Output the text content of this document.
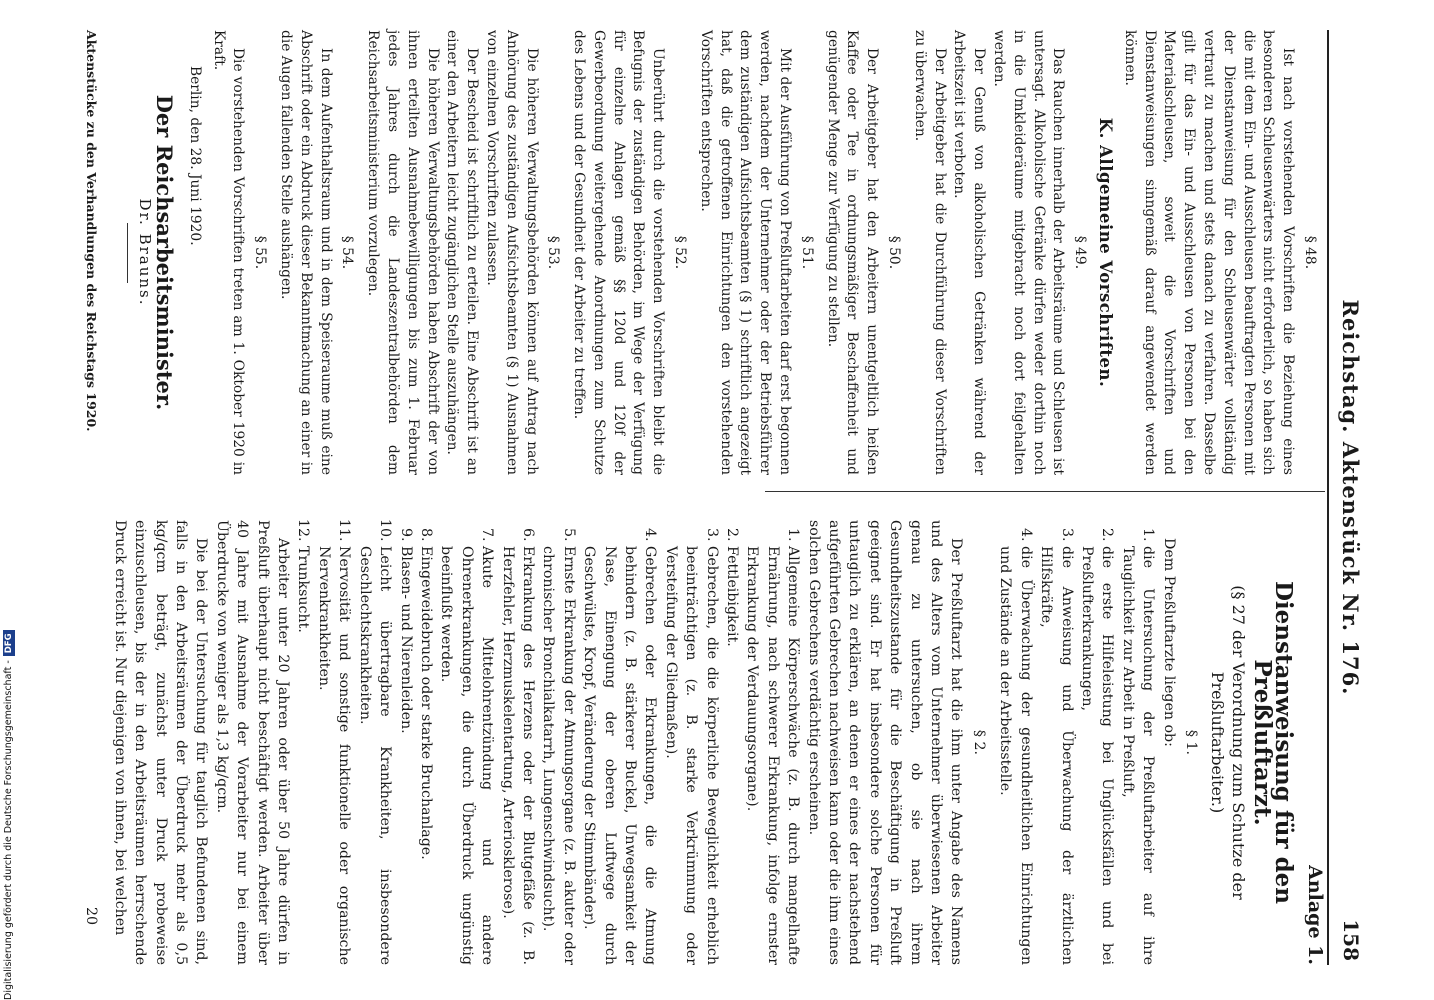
Digitalisierung gefördert durch die Deutsche Forschungsgemeinschaft -DFG	Reichstag. Aktenstück Nr. 176.
158
§ 48.

Ist nach vorstehenden Vorschriften die Beziehung eines besonderen Schleusenwärters nicht erforderlich, so haben sich die mit dem Ein- und Ausschleusen beauftragten Personen mit der Dienstanweisung für den Schleusenwärter vollständig vertraut zu machen und stets danach zu verfahren. Dasselbe gilt für das Ein- und Ausschleusen von Personen bei den Materialschleusen, soweit die Vorschriften und Dienstanweisungen sinngemäß darauf angewendet werden können.

K. Allgemeine Vorschriften.
§ 49.

Das Rauchen innerhalb der Arbeitsräume und Schleusen ist untersagt. Alkoholische Getränke dürfen weder dorthin noch in die Umkleideräume mitgebracht noch dort feilgehalten werden.

Der Genuß von alkoholischen Getränken während der Arbeitszeit ist verboten.

Der Arbeitgeber hat die Durchführung dieser Vorschriften zu überwachen.

§ 50.

Der Arbeitgeber hat den Arbeitern unentgeltlich heißen Kaffee oder Tee in ordnungsmäßiger Beschaffenheit und genügender Menge zur Verfügung zu stellen.

§ 51.

Mit der Ausführung von Preßluftarbeiten darf erst begonnen werden, nachdem der Unternehmer oder der Betriebsführer dem zuständigen Aufsichtsbeamten (§ 1) schriftlich angezeigt hat, daß die getroffenen Einrichtungen den vorstehenden Vorschriften entsprechen.

§ 52.

Unberührt durch die vorstehenden Vorschriften bleibt die Befugnis der zuständigen Behörden, im Wege der Verfügung für einzelne Anlagen gemäß §§ 120d und 120f der Gewerbeordnung weitergehende Anordnungen zum Schutze des Lebens und der Gesundheit der Arbeiter zu treffen.

§ 53.

Die höheren Verwaltungsbehörden können auf Antrag nach Anhörung des zuständigen Aufsichtsbeamten (§ 1) Ausnahmen von einzelnen Vorschriften zulassen.

Der Bescheid ist schriftlich zu erteilen. Eine Abschrift ist an einer den Arbeitern leicht zugänglichen Stelle auszuhängen.

Die höheren Verwaltungsbehörden haben Abschrift der von ihnen erteilten Ausnahmebewilligungen bis zum 1. Februar jedes Jahres durch die Landeszentralbehörden dem Reichsarbeitsministerium vorzulegen.

§ 54.

In dem Aufenthaltsraum und in dem Speiseraume muß eine Abschrift oder ein Abdruck dieser Bekanntmachung an einer in die Augen fallenden Stelle aushängen.

§ 55.

Die vorstehenden Vorschriften treten am 1. Oktober 1920 in Kraft.

Berlin, den 28. Juni 1920.

Der Reichsarbeitsminister.
Dr. Brauns.

Aktenstücke zu den Verhandlungen des Reichstags 1920.

Anlage 1.
Dienstanweisung für den Preßluftarzt.
(§ 27 der Verordnung zum Schutze der Preßluftarbeiter.)
§ 1.

Dem Preßluftarzte liegen ob:

1. die Untersuchung der Preßluftarbeiter auf ihre Tauglichkeit zur Arbeit in Preßluft,
2. die erste Hilfeleistung bei Unglücksfällen und bei Preßlufterkrankungen,
3. die Anweisung und Überwachung der ärztlichen Hilfskräfte,
4. die Überwachung der gesundheitlichen Einrichtungen und Zustände an der Arbeitsstelle.
§ 2.

Der Preßluftarzt hat die ihm unter Angabe des Namens und des Alters vom Unternehmer überwiesenen Arbeiter genau zu untersuchen, ob sie nach ihrem Gesundheitszustande für die Beschäftigung in Preßluft geeignet sind. Er hat insbesondere solche Personen für untauglich zu erklären, an denen er eines der nachstehend aufgeführten Gebrechen nachweisen kann oder die ihm eines solchen Gebrechens verdächtig erscheinen.

1. Allgemeine Körperschwäche (z. B. durch mangelhafte Ernährung, nach schwerer Erkrankung, infolge ernster Erkrankung der Verdauungsorgane).
2. Fettleibigkeit.
3. Gebrechen, die die körperliche Beweglichkeit erheblich beeinträchtigen (z. B. starke Verkrümmung oder Versteifung der Gliedmaßen).
4. Gebrechen oder Erkrankungen, die die Atmung behindern (z. B. stärkerer Buckel, Unwegsamkeit der Nase, Einengung der oberen Luftwege durch Geschwülste, Kropf, Veränderung der Stimmbänder).
5. Ernste Erkrankung der Atmungsorgane (z. B. akuter oder chronischer Bronchialkatarrh, Lungenschwindsucht).
6. Erkrankung des Herzens oder der Blutgefäße (z. B. Herzfehler, Herzmuskelentartung, Arteriosklerose).
7. Akute Mittelohrentzündung und andere Ohrenerkrankungen, die durch Überdruck ungünstig beeinflußt werden.
8. Eingeweidebruch oder starke Bruchanlage.
9. Blasen- und Nierenleiden.
10. Leicht übertragbare Krankheiten, insbesondere Geschlechtskrankheiten.
11. Nervosität und sonstige funktionelle oder organische Nervenkrankheiten.
12. Trunksucht.

Arbeiter unter 20 Jahren oder über 50 Jahre dürfen in Preßluft überhaupt nicht beschäftigt werden. Arbeiter über 40 Jahre mit Ausnahme der Vorarbeiter nur bei einem Überdrucke von weniger als 1,3 kg/qcm.

Die bei der Untersuchung für tauglich Befundenen sind, falls in den Arbeitsräumen der Überdruck mehr als 0,5 kg/qcm beträgt, zunächst unter Druck probeweise einzuschleusen, bis der in den Arbeitsräumen herrschende Druck erreicht ist. Nur diejenigen von ihnen, bei welchen

20
